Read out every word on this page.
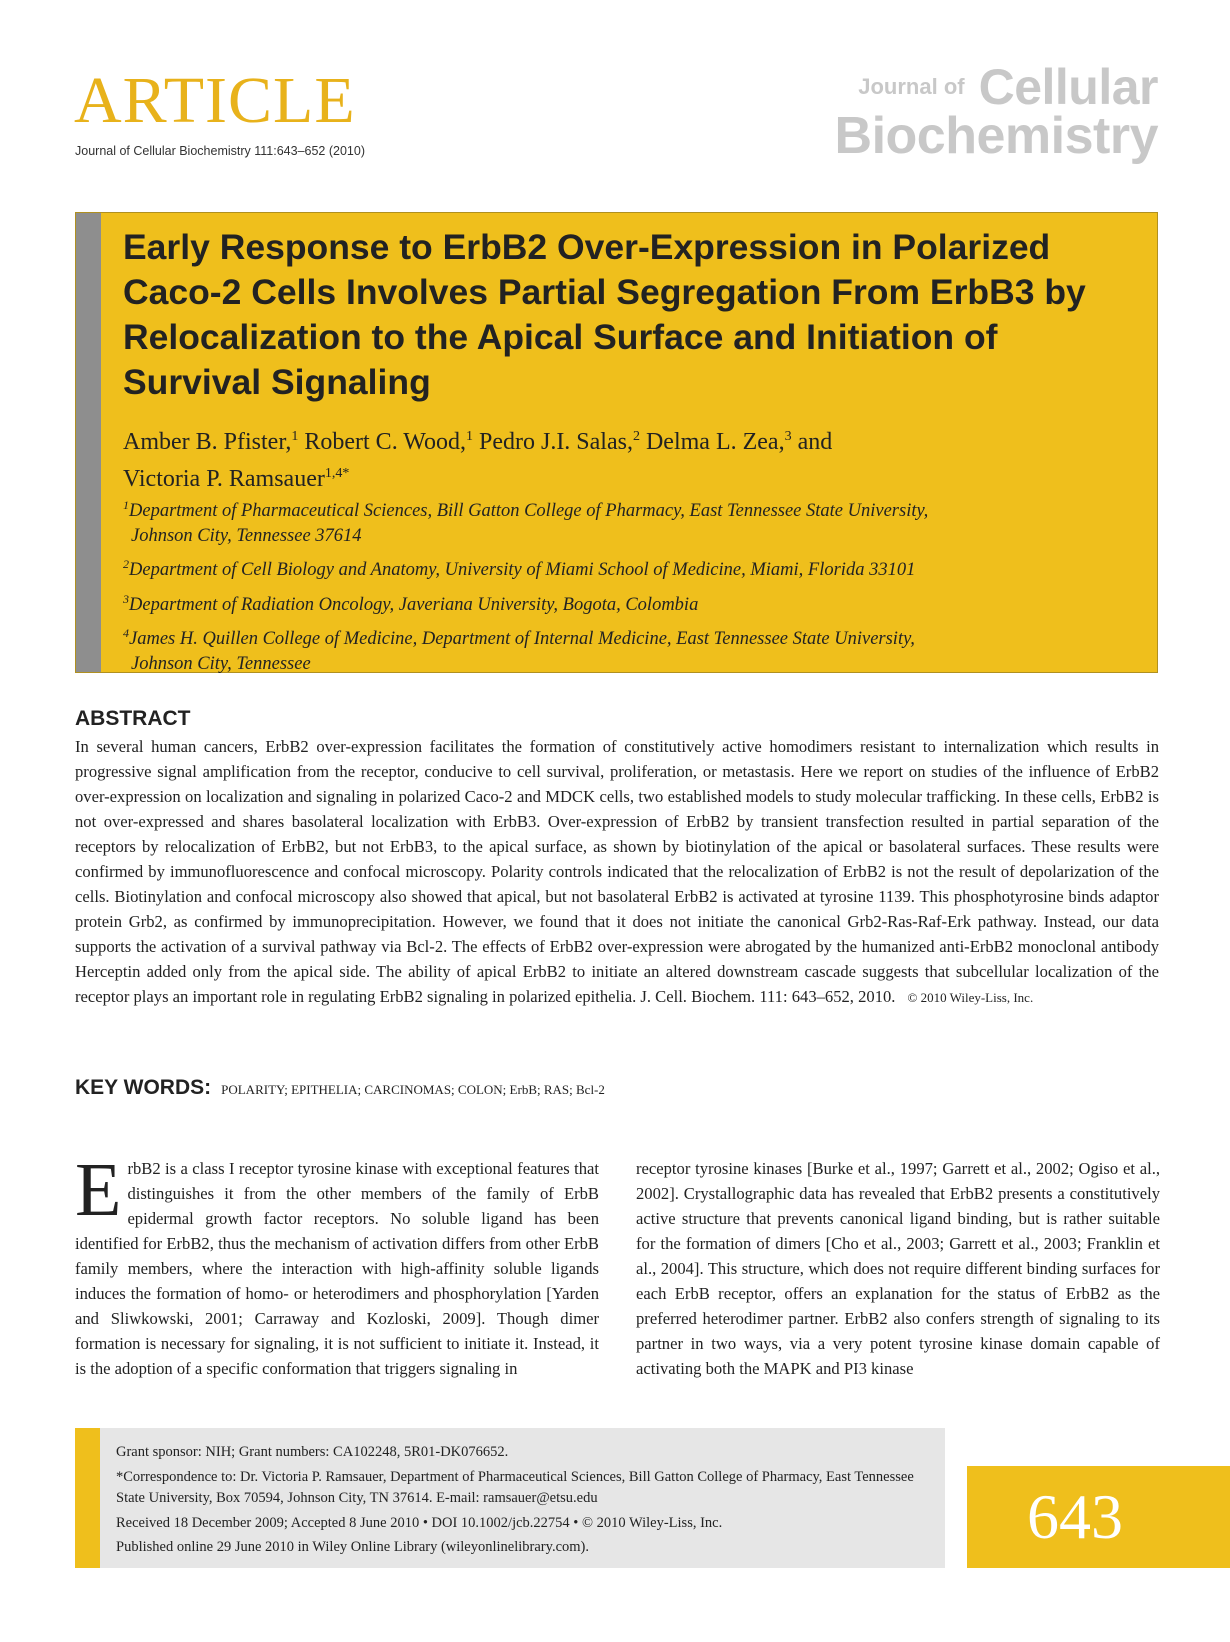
ARTICLE
Journal of Cellular Biochemistry 111:643–652 (2010)
Journal of Cellular
Biochemistry
Early Response to ErbB2 Over-Expression in Polarized Caco-2 Cells Involves Partial Segregation From ErbB3 by Relocalization to the Apical Surface and Initiation of Survival Signaling
Amber B. Pfister,$^1$ Robert C. Wood,$^1$ Pedro J.I. Salas,$^2$ Delma L. Zea,$^3$ and
Victoria P. Ramsauer$^{1,4*}$
$^1$Department of Pharmaceutical Sciences, Bill Gatton College of Pharmacy, East Tennessee State University,
Johnson City, Tennessee 37614
$^2$Department of Cell Biology and Anatomy, University of Miami School of Medicine, Miami, Florida 33101
$^3$Department of Radiation Oncology, Javeriana University, Bogota, Colombia
$^4$James H. Quillen College of Medicine, Department of Internal Medicine, East Tennessee State University,
Johnson City, Tennessee
ABSTRACT

In several human cancers, ErbB2 over-expression facilitates the formation of constitutively active homodimers resistant to internalization which results in progressive signal amplification from the receptor, conducive to cell survival, proliferation, or metastasis. Here we report on studies of the influence of ErbB2 over-expression on localization and signaling in polarized Caco-2 and MDCK cells, two established models to study molecular trafficking. In these cells, ErbB2 is not over-expressed and shares basolateral localization with ErbB3. Over-expression of ErbB2 by transient transfection resulted in partial separation of the receptors by relocalization of ErbB2, but not ErbB3, to the apical surface, as shown by biotinylation of the apical or basolateral surfaces. These results were confirmed by immunofluorescence and confocal microscopy. Polarity controls indicated that the relocalization of ErbB2 is not the result of depolarization of the cells. Biotinylation and confocal microscopy also showed that apical, but not basolateral ErbB2 is activated at tyrosine 1139. This phosphotyrosine binds adaptor protein Grb2, as confirmed by immunoprecipitation. However, we found that it does not initiate the canonical Grb2-Ras-Raf-Erk pathway. Instead, our data supports the activation of a survival pathway via Bcl-2. The effects of ErbB2 over-expression were abrogated by the humanized anti-ErbB2 monoclonal antibody Herceptin added only from the apical side. The ability of apical ErbB2 to initiate an altered downstream cascade suggests that subcellular localization of the receptor plays an important role in regulating ErbB2 signaling in polarized epithelia. J. Cell. Biochem. 111: 643–652, 2010. © 2010 Wiley-Liss, Inc.

KEY WORDS: POLARITY; EPITHELIA; CARCINOMAS; COLON; ErbB; RAS; Bcl-2

ErbB2 is a class I receptor tyrosine kinase with exceptional features that distinguishes it from the other members of the family of ErbB epidermal growth factor receptors. No soluble ligand has been identified for ErbB2, thus the mechanism of activation differs from other ErbB family members, where the interaction with high-affinity soluble ligands induces the formation of homo- or heterodimers and phosphorylation [Yarden and Sliwkowski, 2001; Carraway and Kozloski, 2009]. Though dimer formation is necessary for signaling, it is not sufficient to initiate it. Instead, it is the adoption of a specific conformation that triggers signaling in

receptor tyrosine kinases [Burke et al., 1997; Garrett et al., 2002; Ogiso et al., 2002]. Crystallographic data has revealed that ErbB2 presents a constitutively active structure that prevents canonical ligand binding, but is rather suitable for the formation of dimers [Cho et al., 2003; Garrett et al., 2003; Franklin et al., 2004]. This structure, which does not require different binding surfaces for each ErbB receptor, offers an explanation for the status of ErbB2 as the preferred heterodimer partner. ErbB2 also confers strength of signaling to its partner in two ways, via a very potent tyrosine kinase domain capable of activating both the MAPK and PI3 kinase

Grant sponsor: NIH; Grant numbers: CA102248, 5R01-DK076652.

*Correspondence to: Dr. Victoria P. Ramsauer, Department of Pharmaceutical Sciences, Bill Gatton College of Pharmacy, East Tennessee State University, Box 70594, Johnson City, TN 37614. E-mail: ramsauer@etsu.edu

Received 18 December 2009; Accepted 8 June 2010 • DOI 10.1002/jcb.22754 • © 2010 Wiley-Liss, Inc.

Published online 29 June 2010 in Wiley Online Library (wileyonlinelibrary.com).	643
